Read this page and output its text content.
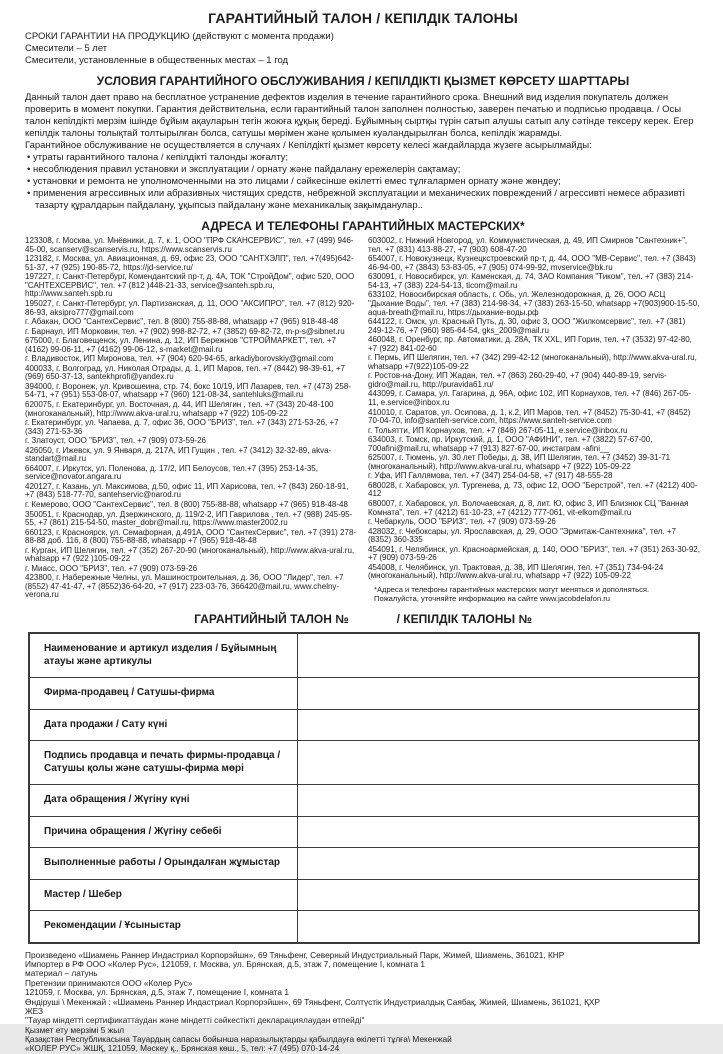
ГАРАНТИЙНЫЙ ТАЛОН / КЕПІЛДІК ТАЛОНЫ
СРОКИ ГАРАНТИИ НА ПРОДУКЦИЮ (действуют с момента продажи)
Смесители – 5 лет
Смесители, установленные в общественных местах – 1 год
УСЛОВИЯ ГАРАНТИЙНОГО ОБСЛУЖИВАНИЯ / КЕПІЛДІКТІ ҚЫЗМЕТ КӨРСЕТУ ШАРТТАРЫ
Данный талон дает право на бесплатное устранение дефектов изделия в течение гарантийного срока. Внешний вид изделия покупатель должен проверить в момент покупки. Гарантия действительна, если гарантийный талон заполнен полностью, заверен печатью и подписью продавца. / Осы талон кепілдікті мерзім ішінде бұйым ақауларын тегін жоюға құқық береді. Бұйымның сыртқы түрін сатып алушы сатып алу сәтінде тексеру керек. Егер кепілдік талоны толықтай толтырылған болса, сатушы мөрімен және қолымен куәландырылған болса, кепілдік жарамды.
Гарантийное обслуживание не осуществляется в случаях / Кепілдікті қызмет көрсету келесі жағдайларда жүзеге асырылмайды:
• утраты гарантийного талона / кепілдікті талонды жоғалту;
• несоблюдения правил установки и эксплуатации / орнату және пайдалану ережелерін сақтамау;
• установки и ремонта не уполномоченными на это лицами / сәйкесінше өкілетті емес тұлғалармен орнату және жөндеу;
• применения агрессивных или абразивных чистящих средств, небрежной эксплуатации и механических повреждений / агрессивті немесе абразивті тазарту құралдарын пайдалану, ұқыпсыз пайдалану және механикалық зақымданулар..
АДРЕСА И ТЕЛЕФОНЫ ГАРАНТИЙНЫХ МАСТЕРСКИХ*
123308, г. Москва, ул. Мнёвники, д. 7, к. 1, ООО "ПРФ СКАНСЕРВИС", тел. +7 (499) 946-45-00, scanserv@scanservis.ru, https://www.scanservis.ru
123182, г. Москва, ул. Авиационная, д. 69, офис 23, ООО "САНТХЭЛП", тел. +7(495)642-51-37, +7 (925) 190-85-72, https://jd-service.ru/
197227, г. Санкт-Петербург, Комендантский пр-т, д. 4А, ТОК "СтройДом", офис 520, ООО "САНТЕХСЕРВИС", тел. +7 (812 )448-21-33, service@santeh.spb.ru, http://www.santeh.spb.ru
195027, г. Санкт-Петербург, ул. Партизанская, д. 11, ООО "АКСИПРО", тел. +7 (812) 920-86-93, aksipro777@gmail.com
г. Абакан, ООО "СантехСервис", тел. 8 (800) 755-88-88, whatsapp +7 (965) 918-48-48
г. Барнаул, ИП Морковин, тел. +7 (902) 998-82-72, +7 (3852) 69-82-72, m-p-s@sibnet.ru
675000, г. Благовещенск, ул. Ленина, д. 12, ИП Бережнов "СТРОЙМАРКЕТ", тел. +7 (4162) 99-06-11, +7 (4162) 99-06-12, s-market@mail.ru
г. Владивосток, ИП Миронова, тел. +7 (904) 620-94-65, arkadiyborovskiy@gmail.com
400033, г. Волгоград, ул. Николая Отрады, д. 1, ИП Маров, тел. +7 (8442) 98-39-61, +7 (969) 650-37-13, santekhprofi@yandex.ru
394000, г. Воронеж, ул. Кривошеина, стр. 74, бокс 10/19, ИП Лазарев, тел. +7 (473) 258-54-71, +7 (951) 553-08-07, whatsapp +7 (960) 121-08-34, santehluks@mail.ru
620075, г. Екатеринбург, ул. Восточная, д. 44, ИП Шелягин , тел. +7 (343) 20-48-100 (многоканальный), http://www.akva-ural.ru, whatsapp +7 (922) 105-09-22
г. Екатеринбург, ул. Чапаева, д. 7, офис 36, ООО "БРИЗ", тел. +7 (343) 271-53-26, +7 (343) 271-53-36
г. Златоуст, ООО "БРИЗ", тел. +7 (909) 073-59-26
426050, г. Ижевск, ул. 9 Января, д. 217А, ИП Гущин , тел. +7 (3412) 32-32-89, akva-standart@mail.ru
664007, г. Иркутск, ул. Поленова, д. 17/2, ИП Белоусов, тел.+7 (395) 253-14-35, service@novator.angara.ru
420127, г. Казань, ул. Максимова, д.50, офис 11, ИП Харисова, тел. +7 (843) 260-18-91, +7 (843) 518-77-70, santehservic@narod.ru
г. Кемерово, ООО "СантехСервис", тел. 8 (800) 755-88-88, whatsapp +7 (965) 918-48-48
350051, г. Краснодар, ул. Дзержинского, д. 119/2-2, ИП Гаврилова , тел. +7 (988) 245-95-55, +7 (861) 215-54-50, master_dobr@mail.ru, https://www.master2002.ru
660123, г. Красноярск, ул. Семафорная, д.491А, ООО "СантехСервис", тел. +7 (391) 278-88-88 доб. 116, 8 (800) 755-88-88, whatsapp +7 (965) 918-48-48
г. Курган, ИП Шелягин, тел. +7 (352) 267-20-90 (многоканальный), http://www.akva-ural.ru, whatsapp +7 (922 )105-09-22
г. Миасс, ООО "БРИЗ", тел. +7 (909) 073-59-26
423800, г. Набережные Челны, ул. Машиностроительная, д. 36, ООО "Лидер", тел. +7 (8552) 47-41-47, +7 (8552)36-64-20, +7 (917) 223-03-76, 366420@mail.ru, www.chelny-verona.ru
603002, г. Нижний Новгород, ул. Коммунистическая, д. 49, ИП Смирнов "Сантехник+", тел. +7 (831) 413-88-27, +7 (903) 608-47-20
654007, г. Новокузнецк, Кузнецкстроевский пр-т, д. 44, ООО "МВ-Сервис", тел. +7 (3843) 46-94-00, +7 (3843) 53-83-05, +7 (905) 074-99-92, mvservice@bk.ru
630091, г. Новосибирск, ул. Каменская, д. 74, ЗАО Компания "Тиком", тел. +7 (383) 214-54-13, +7 (383) 224-54-13, ticom@mail.ru
633102, Новосибирская область, г. Обь, ул. Железнодорожная, д. 26, ООО АСЦ "Дыхание Воды", тел. +7 (383) 214-98-34, +7 (383) 263-15-50, whatsapp +7(903)900-15-50, aqua-breath@mail.ru, https://дыхание-воды.рф
644122, г. Омск, ул. Красный Путь, д. 30, офис 3, ООО "Жилкомсервис", тел. +7 (381) 249-12-76, +7 (960) 985-64-54, gks_2009@mail.ru
460048, г. Оренбург, пр. Автоматики, д. 28А, ТК XXL, ИП Горин, тел. +7 (3532) 97-42-80, +7 (922) 841-02-60
г. Пермь, ИП Шелягин, тел. +7 (342) 299-42-12 (многоканальный), http://www.akva-ural.ru, whatsapp +7(922)105-09-22
г. Ростов-на-Дону, ИП Жадан, тел. +7 (863) 260-29-40, +7 (904) 440-89-19, servis-gidro@mail.ru, http://puravida61.ru/
443099, г. Самара, ул. Гагарина, д. 96А, офис 102, ИП Корнаухов, тел. +7 (846) 267-05-11, e.service@inbox.ru
410010, г. Саратов, ул. Осипова, д. 1, к.2, ИП Маров, тел. +7 (8452) 75-30-41, +7 (8452) 70-04-70, info@santeh-service.com, https://www.santeh-service.com
г. Тольятти, ИП Корнаухов, тел. +7 (846) 267-05-11, e.service@inbox.ru
634003, г. Томск, пр. Иркутский, д. 1, ООО "АФИНИ", тел. +7 (3822) 57-67-00, 700afini@mail.ru, whatsapp +7 (913) 827-67-00, инстаграм -afini__
625007, г. Тюмень, ул. 30 лет Победы, д. 38, ИП Шелягин, тел. +7 (3452) 39-31-71 (многоканальный), http://www.akva-ural.ru, whatsapp +7 (922) 105-09-22
г. Уфа, ИП Галлямова, тел. +7 (347) 254-04-58, +7 (917) 48-555-28
680028, г. Хабаровск, ул. Тургенева, д. 73, офис 12, ООО "Берстрой", тел. +7 (4212) 400-412
680007, г. Хабаровск, ул. Волочаевская, д. 8, лит. Ю, офис 3, ИП Близнюк СЦ "Ванная Комната", тел. +7 (4212) 61-10-23, +7 (4212) 777-061, vit-elkom@mail.ru
г. Чебаркуль, ООО "БРИЗ", тел. +7 (909) 073-59-26
428032, г. Чебоксары, ул. Ярославская, д. 29, ООО "Эрмитаж-Сантехника", тел. +7 (8352) 360-335
454091, г. Челябинск, ул. Красноармейская, д. 140, ООО "БРИЗ", тел. +7 (351) 263-30-92, +7 (909) 073-59-26
454008, г. Челябинск, ул. Трактовая, д. 38, ИП Шелягин, тел. +7 (351) 734-94-24 (многоканальный), http://www.akva-ural.ru, whatsapp +7 (922) 105-09-22
*Адреса и телефоны гарантийных мастерских могут меняться и дополняться.
Пожалуйста, уточняйте информацию на сайте www.jacobdelafon.ru
ГАРАНТИЙНЫЙ ТАЛОН №	/ КЕПІЛДІК ТАЛОНЫ №
Наименование и артикул изделия / Бұйымның атауы және артикулы	
Фирма-продавец / Сатушы-фирма	
Дата продажи / Сату күні	
Подпись продавца и печать фирмы-продавца / Сатушы қолы және сатушы-фирма мөрі	
Дата обращения / Жүгіну күні	
Причина обращения / Жүгіну себебі	
Выполненные работы / Орындалған жұмыстар	
Мастер / Шебер	
Рекомендации / Ұсыныстар	
Произведено «Шиамень Раннер Индастриал Корпорэйшн», 69 Тяньфенг, Северный Индустриальный Парк, Жимей, Шиамень, 361021, КНР
Импортер в РФ ООО «Колер Рус», 121059, г. Москва, ул. Брянская, д.5, этаж 7, помещение I, комната 1
материал – латунь
Претензии принимаются ООО «Колер Рус»
121059, г. Москва, ул. Брянская, д.5, этаж 7, помещение I, комната 1
Өндіруші \ Мекенжай : «Шиамень Раннер Индастриал Корпорэйшн», 69 Тяньфенг, Солтүстік Индустриалдық Саябақ, Жимей, Шиамень, 361021, ҚХР
ЖЕЗ
"Тауар міндетті сертификаттаудан және міндетті сәйкестікті декларациялаудан өтпейді"
Қызмет ету мерзімі 5 жыл
Қазақстан Республикасына Тауардың сапасы бойынша наразылықтарды қабылдауға өкілетті тұлға\ Мекенжай
«КОЛЕР РУС» ЖШҚ, 121059, Мәскеу қ., Брянская көш., 5, тел: +7 (495) 070-14-24
